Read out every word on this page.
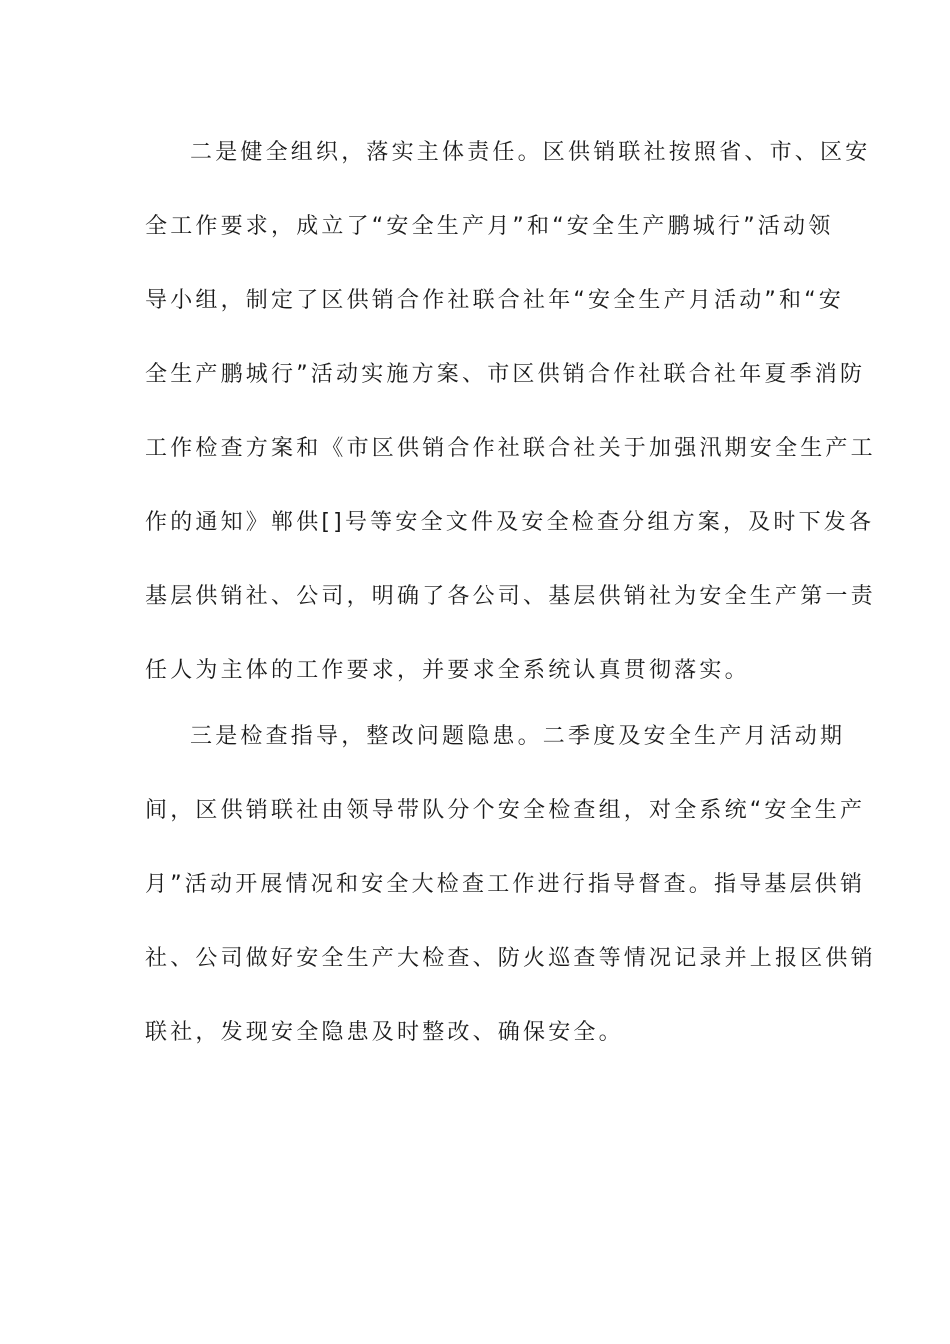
二是健全组织，落实主体责任。区供销联社按照省、市、区安
全工作要求，成立了“安全生产月”和“安全生产鹏城行”活动领
导小组，制定了区供销合作社联合社年“安全生产月活动”和“安
全生产鹏城行”活动实施方案、市区供销合作社联合社年夏季消防
工作检查方案和《市区供销合作社联合社关于加强汛期安全生产工
作的通知》郸供[]号等安全文件及安全检查分组方案，及时下发各
基层供销社、公司，明确了各公司、基层供销社为安全生产第一责
任人为主体的工作要求，并要求全系统认真贯彻落实。
三是检查指导，整改问题隐患。二季度及安全生产月活动期
间，区供销联社由领导带队分个安全检查组，对全系统“安全生产
月”活动开展情况和安全大检查工作进行指导督查。指导基层供销
社、公司做好安全生产大检查、防火巡查等情况记录并上报区供销
联社，发现安全隐患及时整改、确保安全。
